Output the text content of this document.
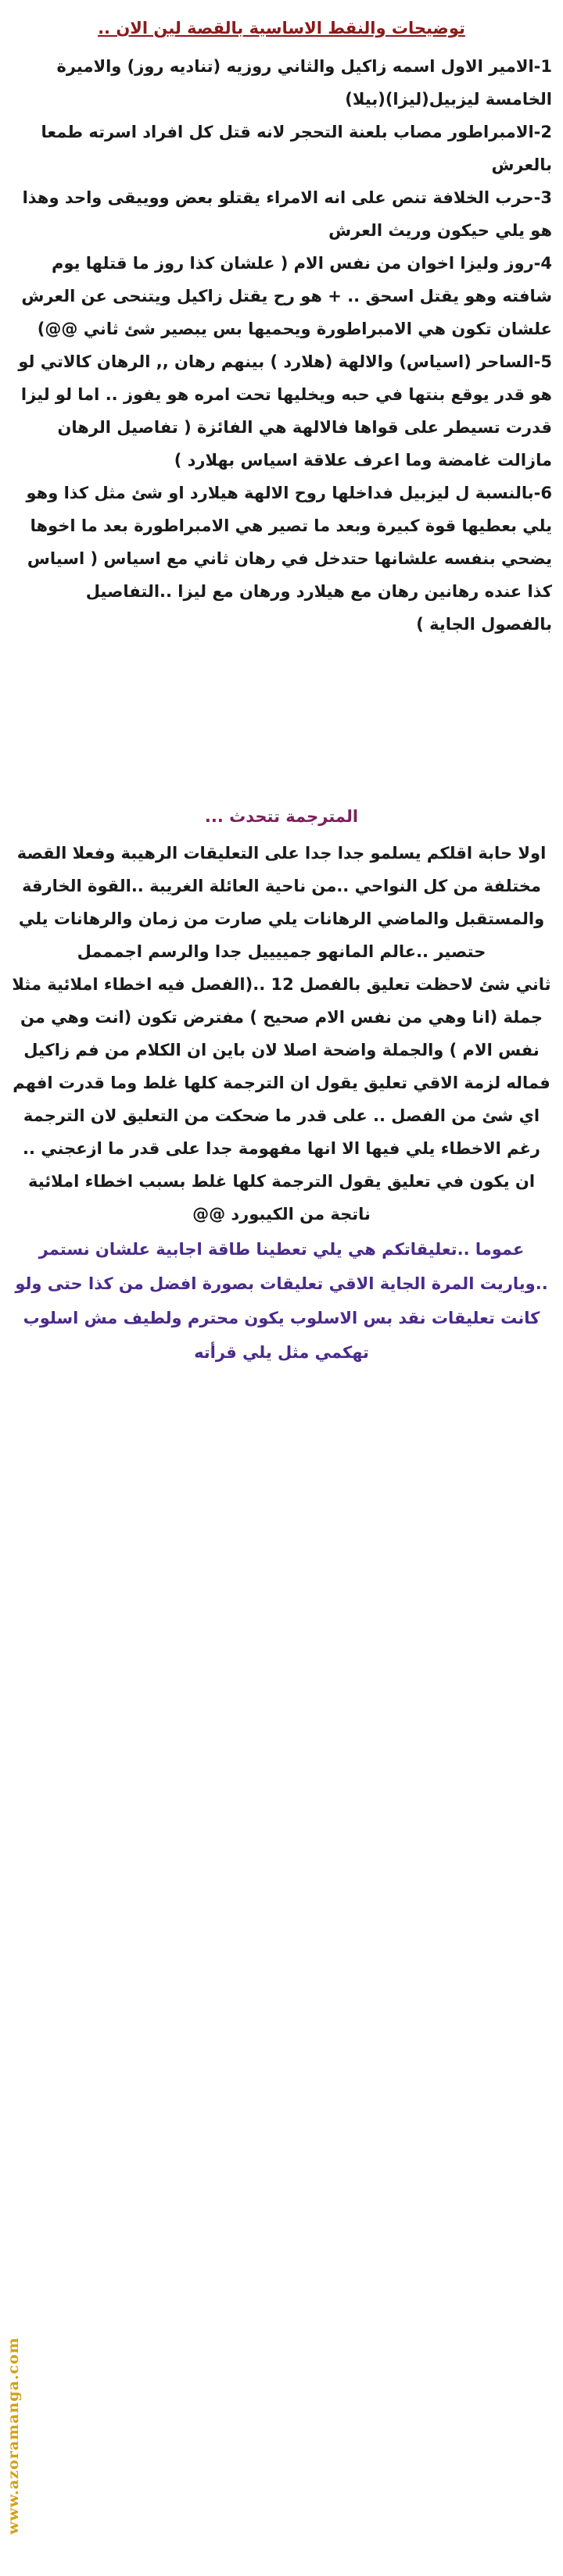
توضيحات والنقط الاساسية بالقصة لين الان ..

1-الامير الاول اسمه زاكيل والثاني روزيه (تناديه روز) والاميرة الخامسة ليزبيل(ليزا)(بيلا)

2-الامبراطور مصاب بلعنة التحجر لانه قتل كل افراد اسرته طمعا بالعرش

3-حرب الخلافة تنص على انه الامراء يقتلو بعض ووييقى واحد وهذا هو يلي حيكون وريث العرش

4-روز وليزا اخوان من نفس الام ( علشان كذا روز ما قتلها يوم شافته وهو يقتل اسحق .. + هو رح يقتل زاكيل ويتنحى عن العرش علشان تكون هي الامبراطورة ويحميها بس يبصير شئ ثاني @@)

5-الساحر (اسياس) والالهة (هلارد ) بينهم رهان ,, الرهان كالاتي لو هو قدر يوقع بنتها في حبه ويخليها تحت امره هو يفوز .. اما لو ليزا قدرت تسيطر على قواها فالالهة هي الفائزة ( تفاصيل الرهان مازالت غامضة وما اعرف علاقة اسياس بهلارد )

6-بالنسبة ل ليزبيل فداخلها روح الالهة هيلارد او شئ مثل كذا وهو يلي بعطيها قوة كبيرة وبعد ما تصير هي الامبراطورة بعد ما اخوها يضحي بنفسه علشانها حتدخل في رهان ثاني مع اسياس ( اسياس كذا عنده رهانين رهان مع هيلارد ورهان مع ليزا ..التفاصيل بالفصول الجاية )

المترجمة تتحدث ...

اولا حابة اقلكم يسلمو جدا جدا على التعليقات الرهيبة وفعلا القصة مختلفة من كل النواحي ..من ناحية العائلة الغريبة ..القوة الخارقة والمستقبل والماضي الرهانات يلي صارت من زمان والرهانات يلي حتصير ..عالم المانهو جمييييل جدا والرسم اجمممل

ثاني شئ لاحظت تعليق بالفصل 12 ..(الفصل فيه اخطاء املائية مثلا جملة (انا وهي من نفس الام صحيح ) مفترض تكون (انت وهي من نفس الام ) والجملة واضحة اصلا لان باين ان الكلام من فم زاكيل فماله لزمة الاقي تعليق يقول ان الترجمة كلها غلط وما قدرت افهم اي شئ من الفصل .. على قدر ما ضحكت من التعليق لان الترجمة رغم الاخطاء يلي فيها الا انها مفهومة جدا على قدر ما ازعجني .. ان يكون في تعليق يقول الترجمة كلها غلط بسبب اخطاء املائية ناتجة من الكيبورد @@

عموما ..تعليقاتكم هي يلي تعطينا طاقة اجابية علشان نستمر ..وياريت المرة الجاية الاقي تعليقات بصورة افضل من كذا حتى ولو كانت تعليقات نقد بس الاسلوب يكون محترم ولطيف مش اسلوب تهكمي مثل يلي قرأته

www.azoramanga.com
